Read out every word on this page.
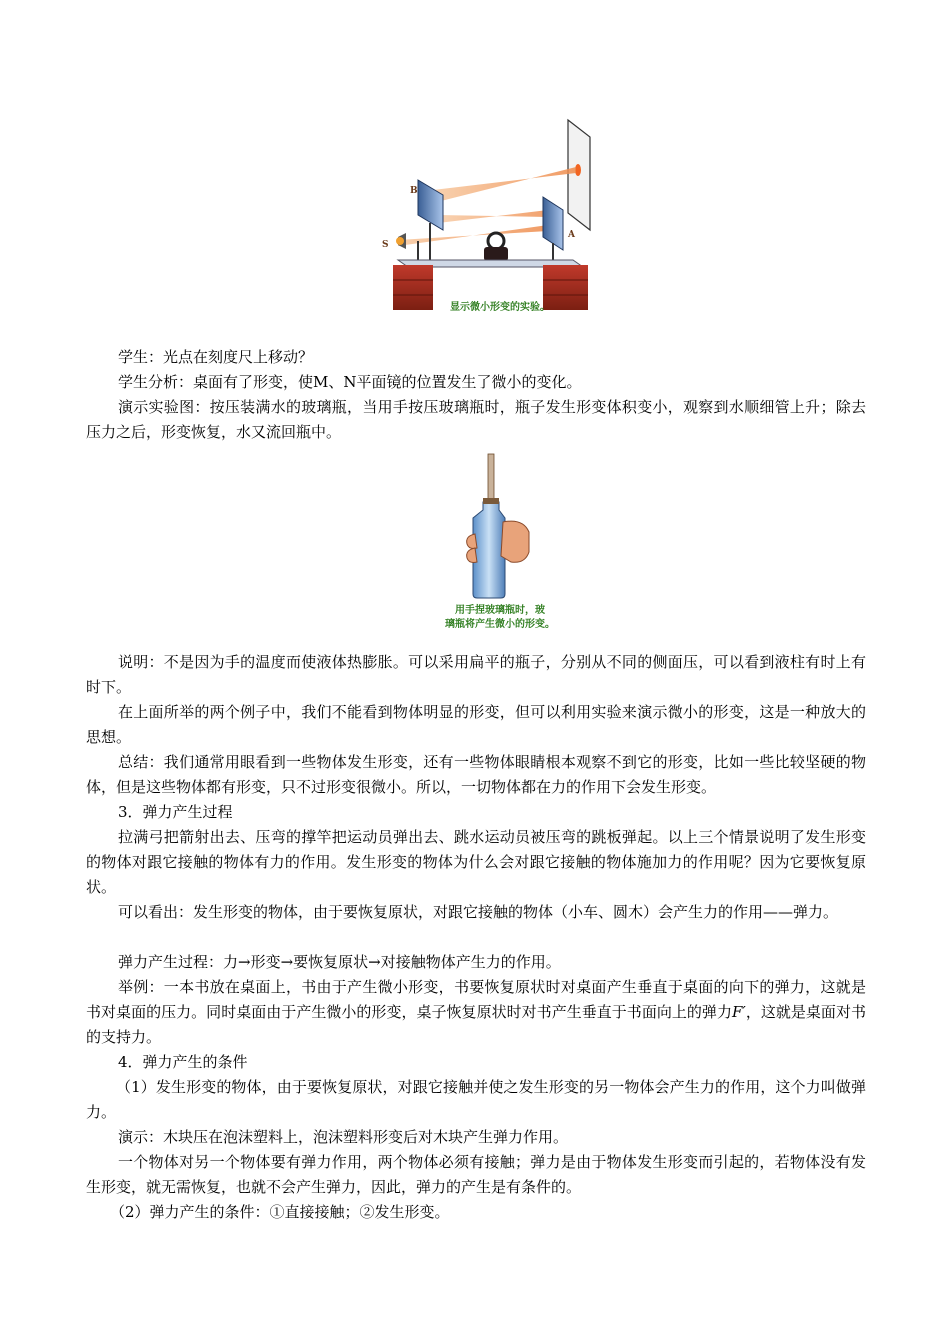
B
A
S
显示微小形变的实验。

学生：光点在刻度尺上移动？

学生分析：桌面有了形变，使M、N平面镜的位置发生了微小的变化。

演示实验图：按压装满水的玻璃瓶，当用手按压玻璃瓶时，瓶子发生形变体积变小，观察到水顺细管上升；除去压力之后，形变恢复，水又流回瓶中。

用手捏玻璃瓶时，玻
璃瓶将产生微小的形变。

说明：不是因为手的温度而使液体热膨胀。可以采用扁平的瓶子，分别从不同的侧面压，可以看到液柱有时上有时下。

在上面所举的两个例子中，我们不能看到物体明显的形变，但可以利用实验来演示微小的形变，这是一种放大的思想。

总结：我们通常用眼看到一些物体发生形变，还有一些物体眼睛根本观察不到它的形变，比如一些比较坚硬的物体，但是这些物体都有形变，只不过形变很微小。所以，一切物体都在力的作用下会发生形变。

3．弹力产生过程

拉满弓把箭射出去、压弯的撑竿把运动员弹出去、跳水运动员被压弯的跳板弹起。以上三个情景说明了发生形变的物体对跟它接触的物体有力的作用。发生形变的物体为什么会对跟它接触的物体施加力的作用呢？因为它要恢复原状。

可以看出：发生形变的物体，由于要恢复原状，对跟它接触的物体（小车、圆木）会产生力的作用——弹力。

弹力产生过程：力→形变→要恢复原状→对接触物体产生力的作用。

举例：一本书放在桌面上，书由于产生微小形变，书要恢复原状时对桌面产生垂直于桌面的向下的弹力，这就是书对桌面的压力。同时桌面由于产生微小的形变，桌子恢复原状时对书产生垂直于书面向上的弹力F′，这就是桌面对书的支持力。

4．弹力产生的条件

（1）发生形变的物体，由于要恢复原状，对跟它接触并使之发生形变的另一物体会产生力的作用，这个力叫做弹力。

演示：木块压在泡沫塑料上，泡沫塑料形变后对木块产生弹力作用。

一个物体对另一个物体要有弹力作用，两个物体必须有接触；弹力是由于物体发生形变而引起的，若物体没有发生形变，就无需恢复，也就不会产生弹力，因此，弹力的产生是有条件的。

（2）弹力产生的条件：①直接接触；②发生形变。
